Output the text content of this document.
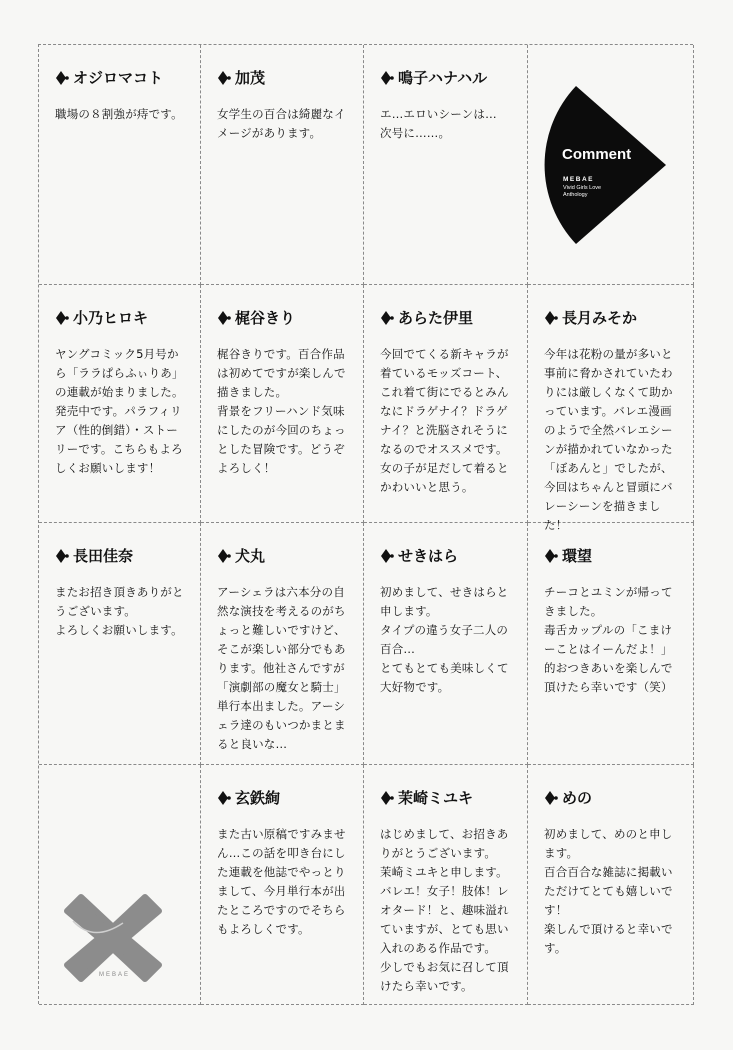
オジロマコト
職場の８割強が痔です。
加茂
女学生の百合は綺麗なイメージがあります。
鳴子ハナハル
エ…エロいシーンは…
次号に……。
Comment
MEBAE
Vivid Girls Love Anthology
小乃ヒロキ
ヤングコミック5月号から「ララぱらふぃりあ」の連載が始まりました。発売中です。パラフィリア（性的倒錯）・ストーリーです。こちらもよろしくお願いします！
梶谷きり
梶谷きりです。百合作品は初めてですが楽しんで描きました。
背景をフリーハンド気味にしたのが今回のちょっとした冒険です。どうぞよろしく！
あらた伊里
今回でてくる新キャラが着ているモッズコート、これ着て街にでるとみんなにドラゲナイ？ドラゲナイ？と洗脳されそうになるのでオススメです。女の子が足だして着るとかわいいと思う。
長月みそか
今年は花粉の量が多いと事前に脅かされていたわりには厳しくなくて助かっています。バレエ漫画のようで全然バレエシーンが描かれていなかった「ぼあんと」でしたが、今回はちゃんと冒頭にバレーシーンを描きました！
長田佳奈
またお招き頂きありがとうございます。
よろしくお願いします。
犬丸
アーシェラは六本分の自然な演技を考えるのがちょっと難しいですけど、そこが楽しい部分でもあります。他社さんですが「演劇部の魔女と騎士」単行本出ました。アーシェラ達のもいつかまとまると良いな…
せきはら
初めまして、せきはらと申します。
タイプの違う女子二人の百合…
とてもとても美味しくて大好物です。
環望
チーコとユミンが帰ってきました。
毒舌カップルの「こまけーことはイーんだよ！」的おつきあいを楽しんで頂けたら幸いです（笑）
MEBAE
玄鉄絢
また古い原稿ですみません…この話を叩き台にした連載を他誌でやっとりまして、今月単行本が出たところですのでそちらもよろしくです。
茉崎ミユキ
はじめまして、お招きありがとうございます。
茉崎ミユキと申します。
バレエ！女子！肢体！レオタード！と、趣味溢れていますが、とても思い入れのある作品です。
少しでもお気に召して頂けたら幸いです。
めの
初めまして、めのと申します。
百合百合な雑誌に掲載いただけてとても嬉しいです！
楽しんで頂けると幸いです。
